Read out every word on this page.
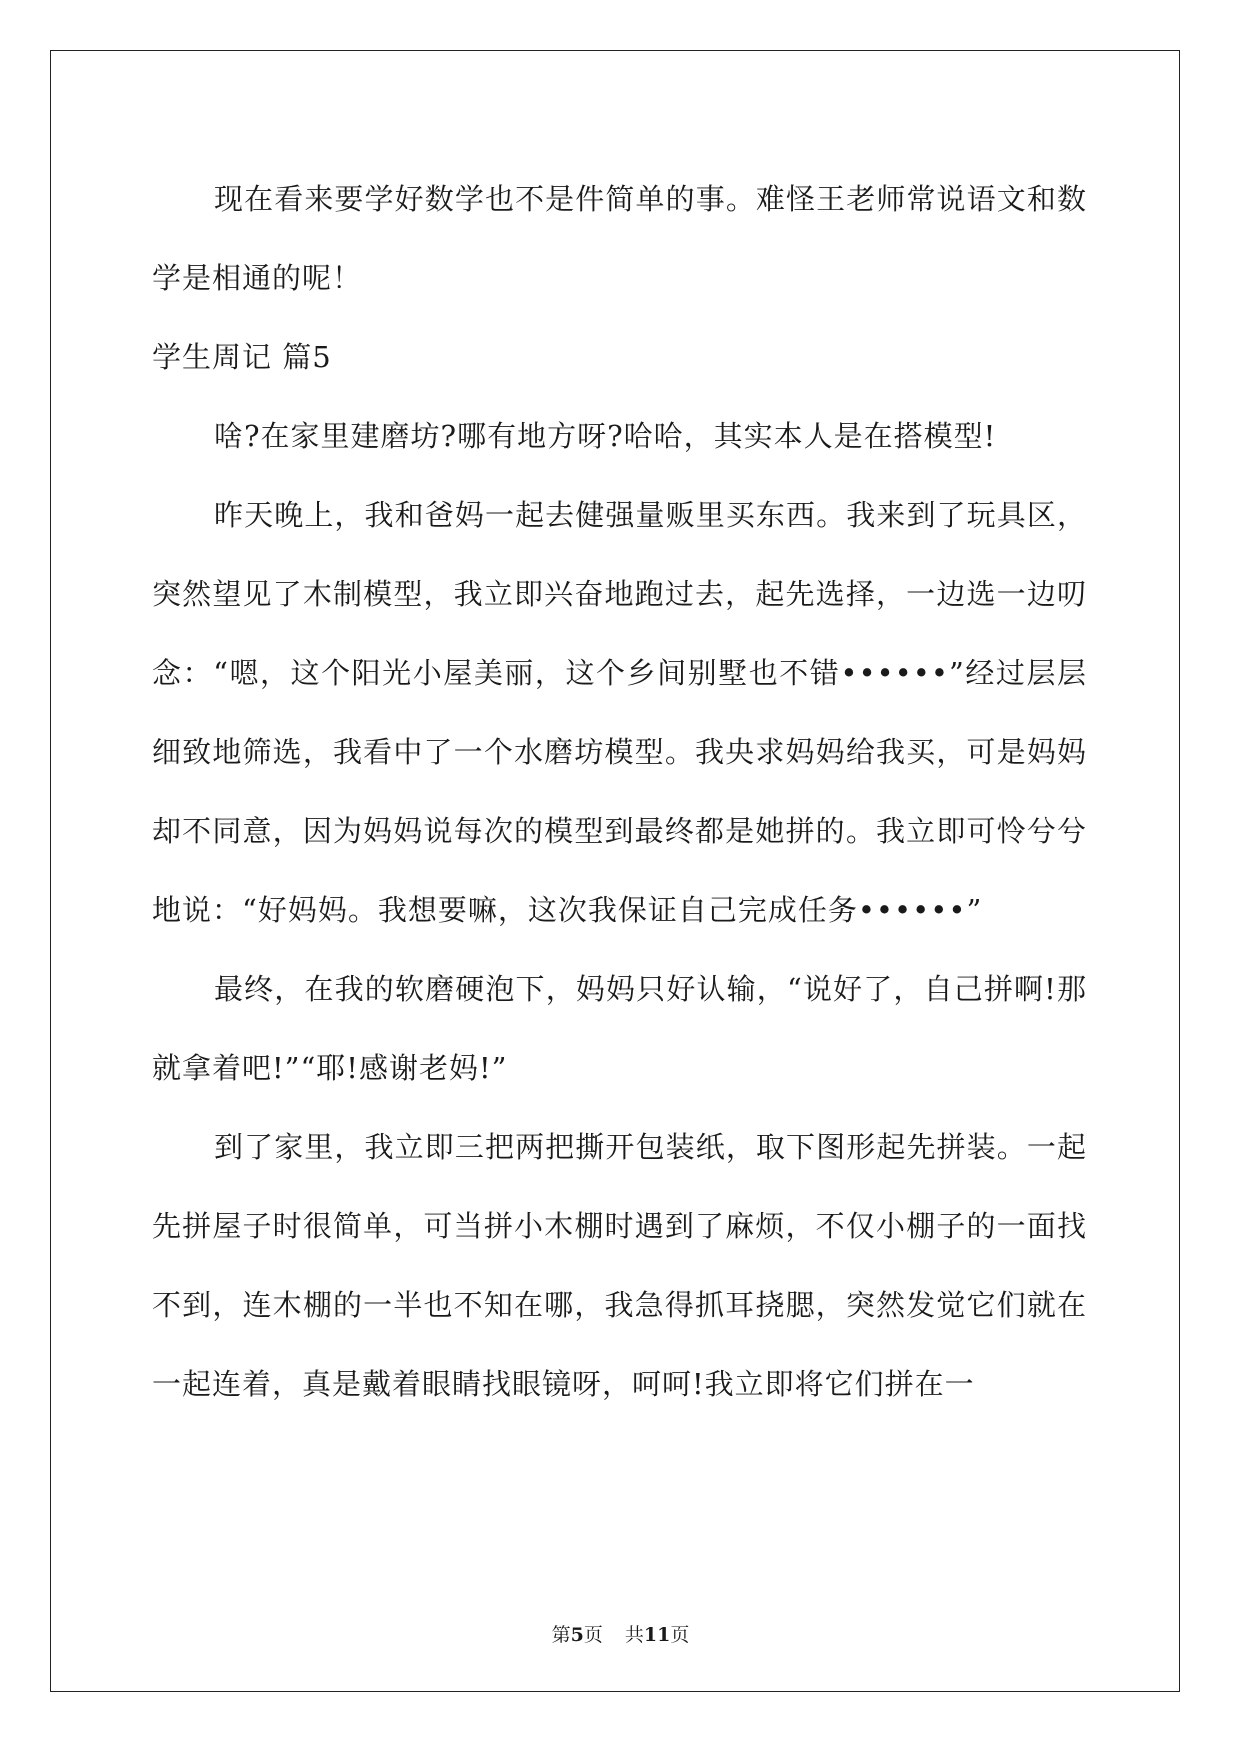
现在看来要学好数学也不是件简单的事。难怪王老师常说语文和数学是相通的呢！

学生周记 篇5

啥?在家里建磨坊?哪有地方呀?哈哈，其实本人是在搭模型!

昨天晚上，我和爸妈一起去健强量贩里买东西。我来到了玩具区，突然望见了木制模型，我立即兴奋地跑过去，起先选择，一边选一边叨念：“嗯，这个阳光小屋美丽，这个乡间别墅也不错••••••”经过层层细致地筛选，我看中了一个水磨坊模型。我央求妈妈给我买，可是妈妈却不同意，因为妈妈说每次的模型到最终都是她拼的。我立即可怜兮兮地说：“好妈妈。我想要嘛，这次我保证自己完成任务••••••”

最终，在我的软磨硬泡下，妈妈只好认输，“说好了，自己拼啊!那就拿着吧!”“耶!感谢老妈!”

到了家里，我立即三把两把撕开包装纸，取下图形起先拼装。一起先拼屋子时很简单，可当拼小木棚时遇到了麻烦，不仅小棚子的一面找不到，连木棚的一半也不知在哪，我急得抓耳挠腮，突然发觉它们就在一起连着，真是戴着眼睛找眼镜呀，呵呵!我立即将它们拼在一

第5页 共11页
